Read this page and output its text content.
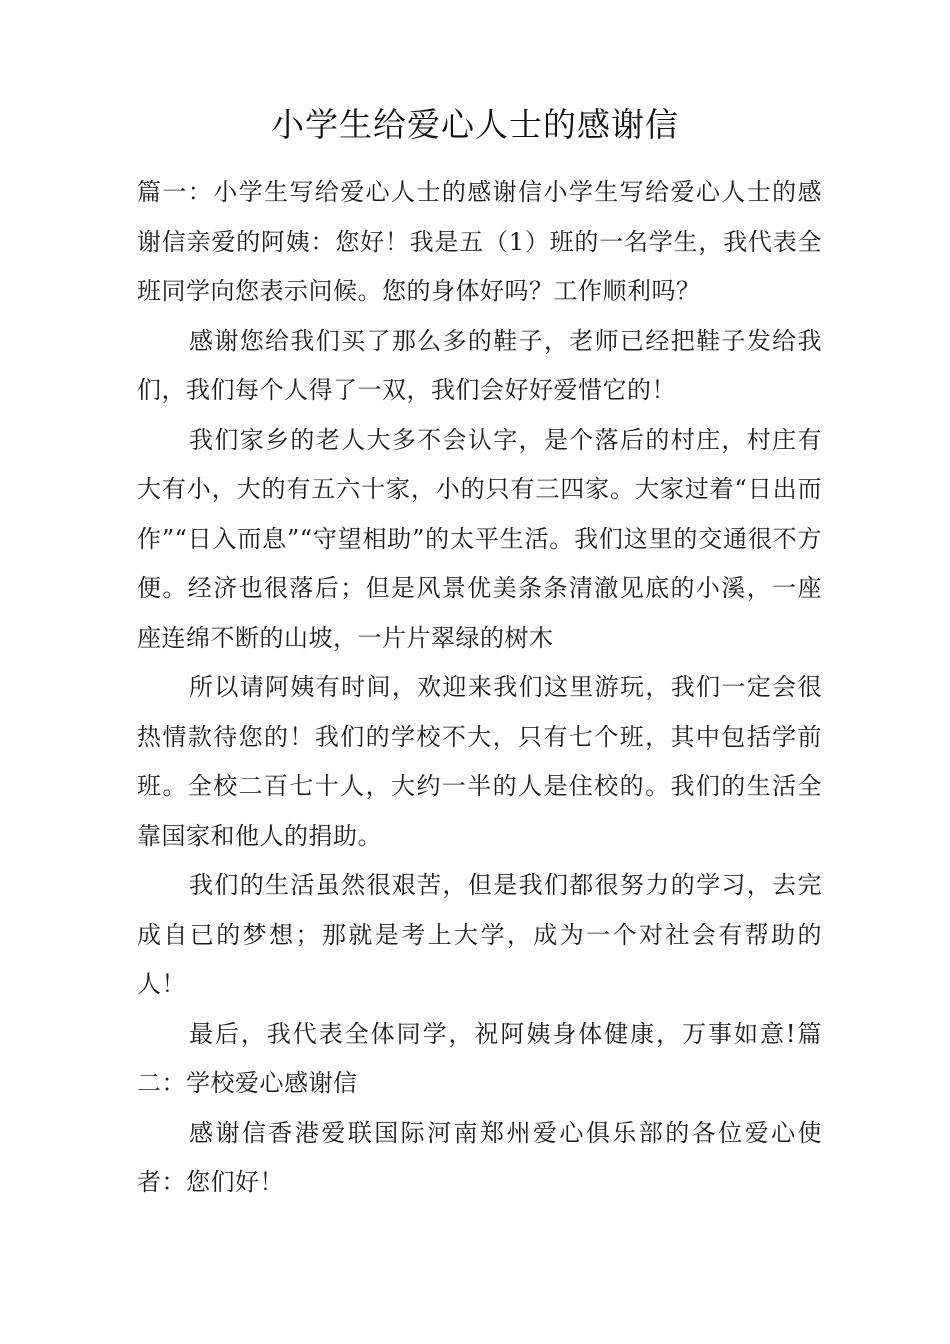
小学生给爱心人士的感谢信

篇一：小学生写给爱心人士的感谢信小学生写给爱心人士的感谢信亲爱的阿姨：您好！我是五（1）班的一名学生，我代表全班同学向您表示问候。您的身体好吗？工作顺利吗？

感谢您给我们买了那么多的鞋子，老师已经把鞋子发给我们，我们每个人得了一双，我们会好好爱惜它的！

我们家乡的老人大多不会认字，是个落后的村庄，村庄有大有小，大的有五六十家，小的只有三四家。大家过着“日出而作”“日入而息”“守望相助”的太平生活。我们这里的交通很不方便。经济也很落后；但是风景优美条条清澈见底的小溪，一座座连绵不断的山坡，一片片翠绿的树木

所以请阿姨有时间，欢迎来我们这里游玩，我们一定会很热情款待您的！我们的学校不大，只有七个班，其中包括学前班。全校二百七十人，大约一半的人是住校的。我们的生活全靠国家和他人的捐助。

我们的生活虽然很艰苦，但是我们都很努力的学习，去完成自已的梦想；那就是考上大学，成为一个对社会有帮助的人！

最后，我代表全体同学，祝阿姨身体健康，万事如意!篇二：学校爱心感谢信

感谢信香港爱联国际河南郑州爱心俱乐部的各位爱心使者：您们好！
